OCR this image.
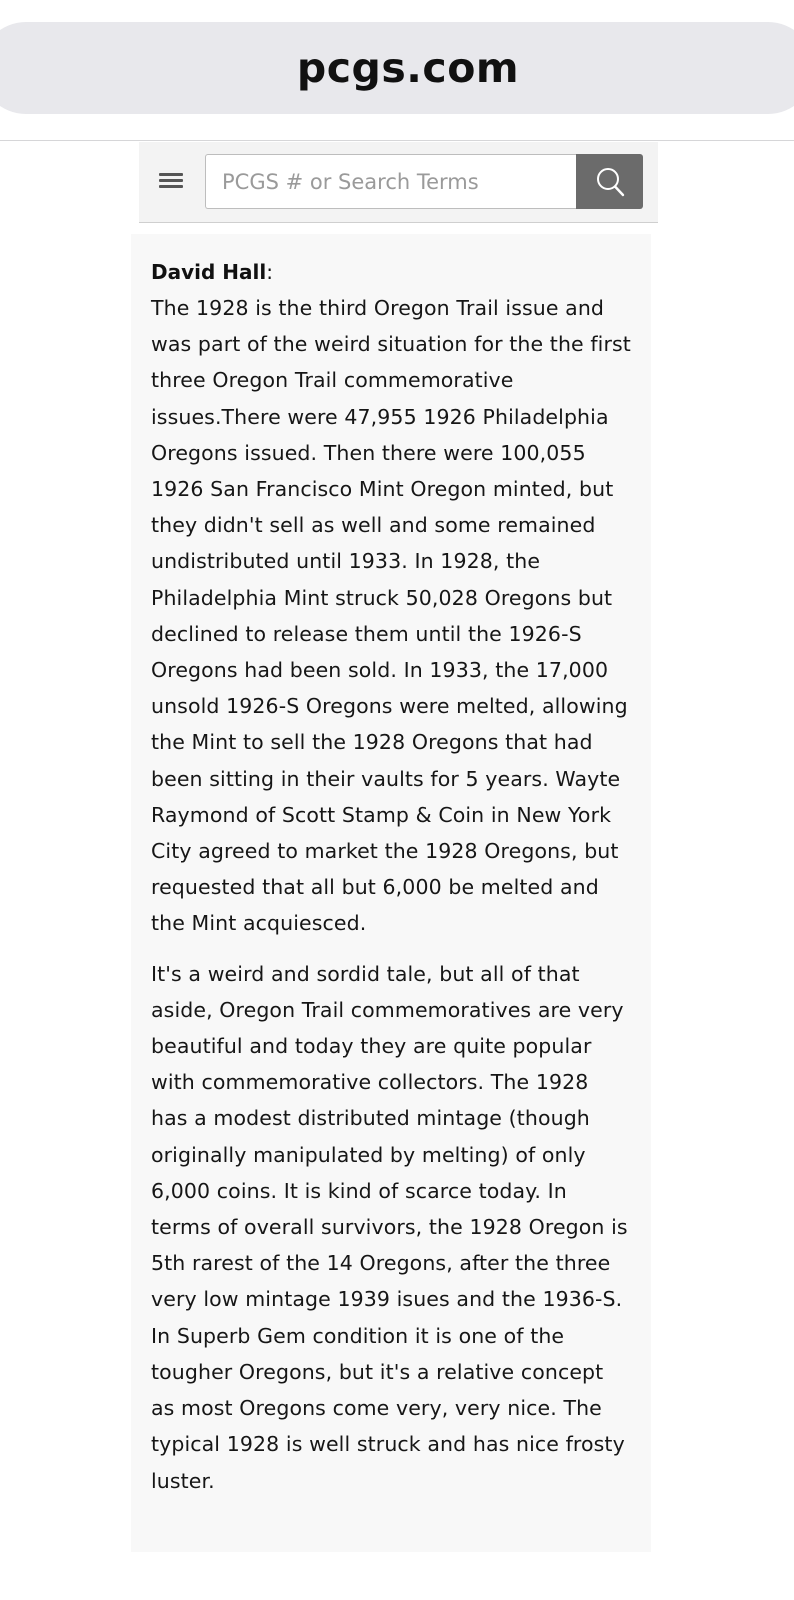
pcgs.com
PCGS # or Search Terms

David Hall:

The 1928 is the third Oregon Trail issue and was part of the weird situation for the the first three Oregon Trail commemorative issues.There were 47,955 1926 Philadelphia Oregons issued. Then there were 100,055 1926 San Francisco Mint Oregon minted, but they didn't sell as well and some remained undistributed until 1933. In 1928, the Philadelphia Mint struck 50,028 Oregons but declined to release them until the 1926-S Oregons had been sold. In 1933, the 17,000 unsold 1926-S Oregons were melted, allowing the Mint to sell the 1928 Oregons that had been sitting in their vaults for 5 years. Wayte Raymond of Scott Stamp & Coin in New York City agreed to market the 1928 Oregons, but requested that all but 6,000 be melted and the Mint acquiesced.

It's a weird and sordid tale, but all of that aside, Oregon Trail commemoratives are very beautiful and today they are quite popular with commemorative collectors. The 1928 has a modest distributed mintage (though originally manipulated by melting) of only 6,000 coins. It is kind of scarce today. In terms of overall survivors, the 1928 Oregon is 5th rarest of the 14 Oregons, after the three very low mintage 1939 isues and the 1936-S. In Superb Gem condition it is one of the tougher Oregons, but it's a relative concept as most Oregons come very, very nice. The typical 1928 is well struck and has nice frosty luster.
